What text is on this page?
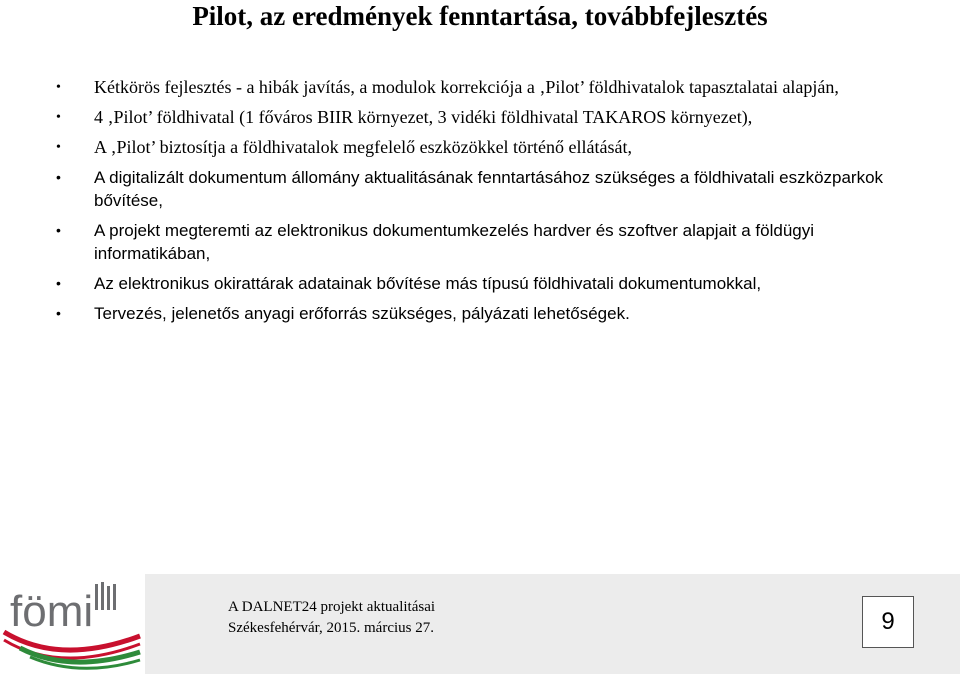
Pilot, az eredmények fenntartása, továbbfejlesztés
• Kétkörös fejlesztés - a hibák javítás, a modulok korrekciója a ‚Pilot’ földhivatalok tapasztalatai alapján,
• 4 ‚Pilot’ földhivatal (1 főváros BIIR környezet, 3 vidéki földhivatal TAKAROS környezet),
• A ‚Pilot’ biztosítja a földhivatalok megfelelő eszközökkel történő ellátását,
• A digitalizált dokumentum állomány aktualitásának fenntartásához szükséges a földhivatali eszközparkok bővítése,
• A projekt megteremti az elektronikus dokumentumkezelés hardver és szoftver alapjait a földügyi informatikában,
• Az elektronikus okirattárak adatainak bővítése más típusú földhivatali dokumentumokkal,
• Tervezés, jelenetős anyagi erőforrás szükséges, pályázati lehetőségek.
fömi	A DALNET24 projekt aktualitásai
Székesfehérvár, 2015. március 27.	9
